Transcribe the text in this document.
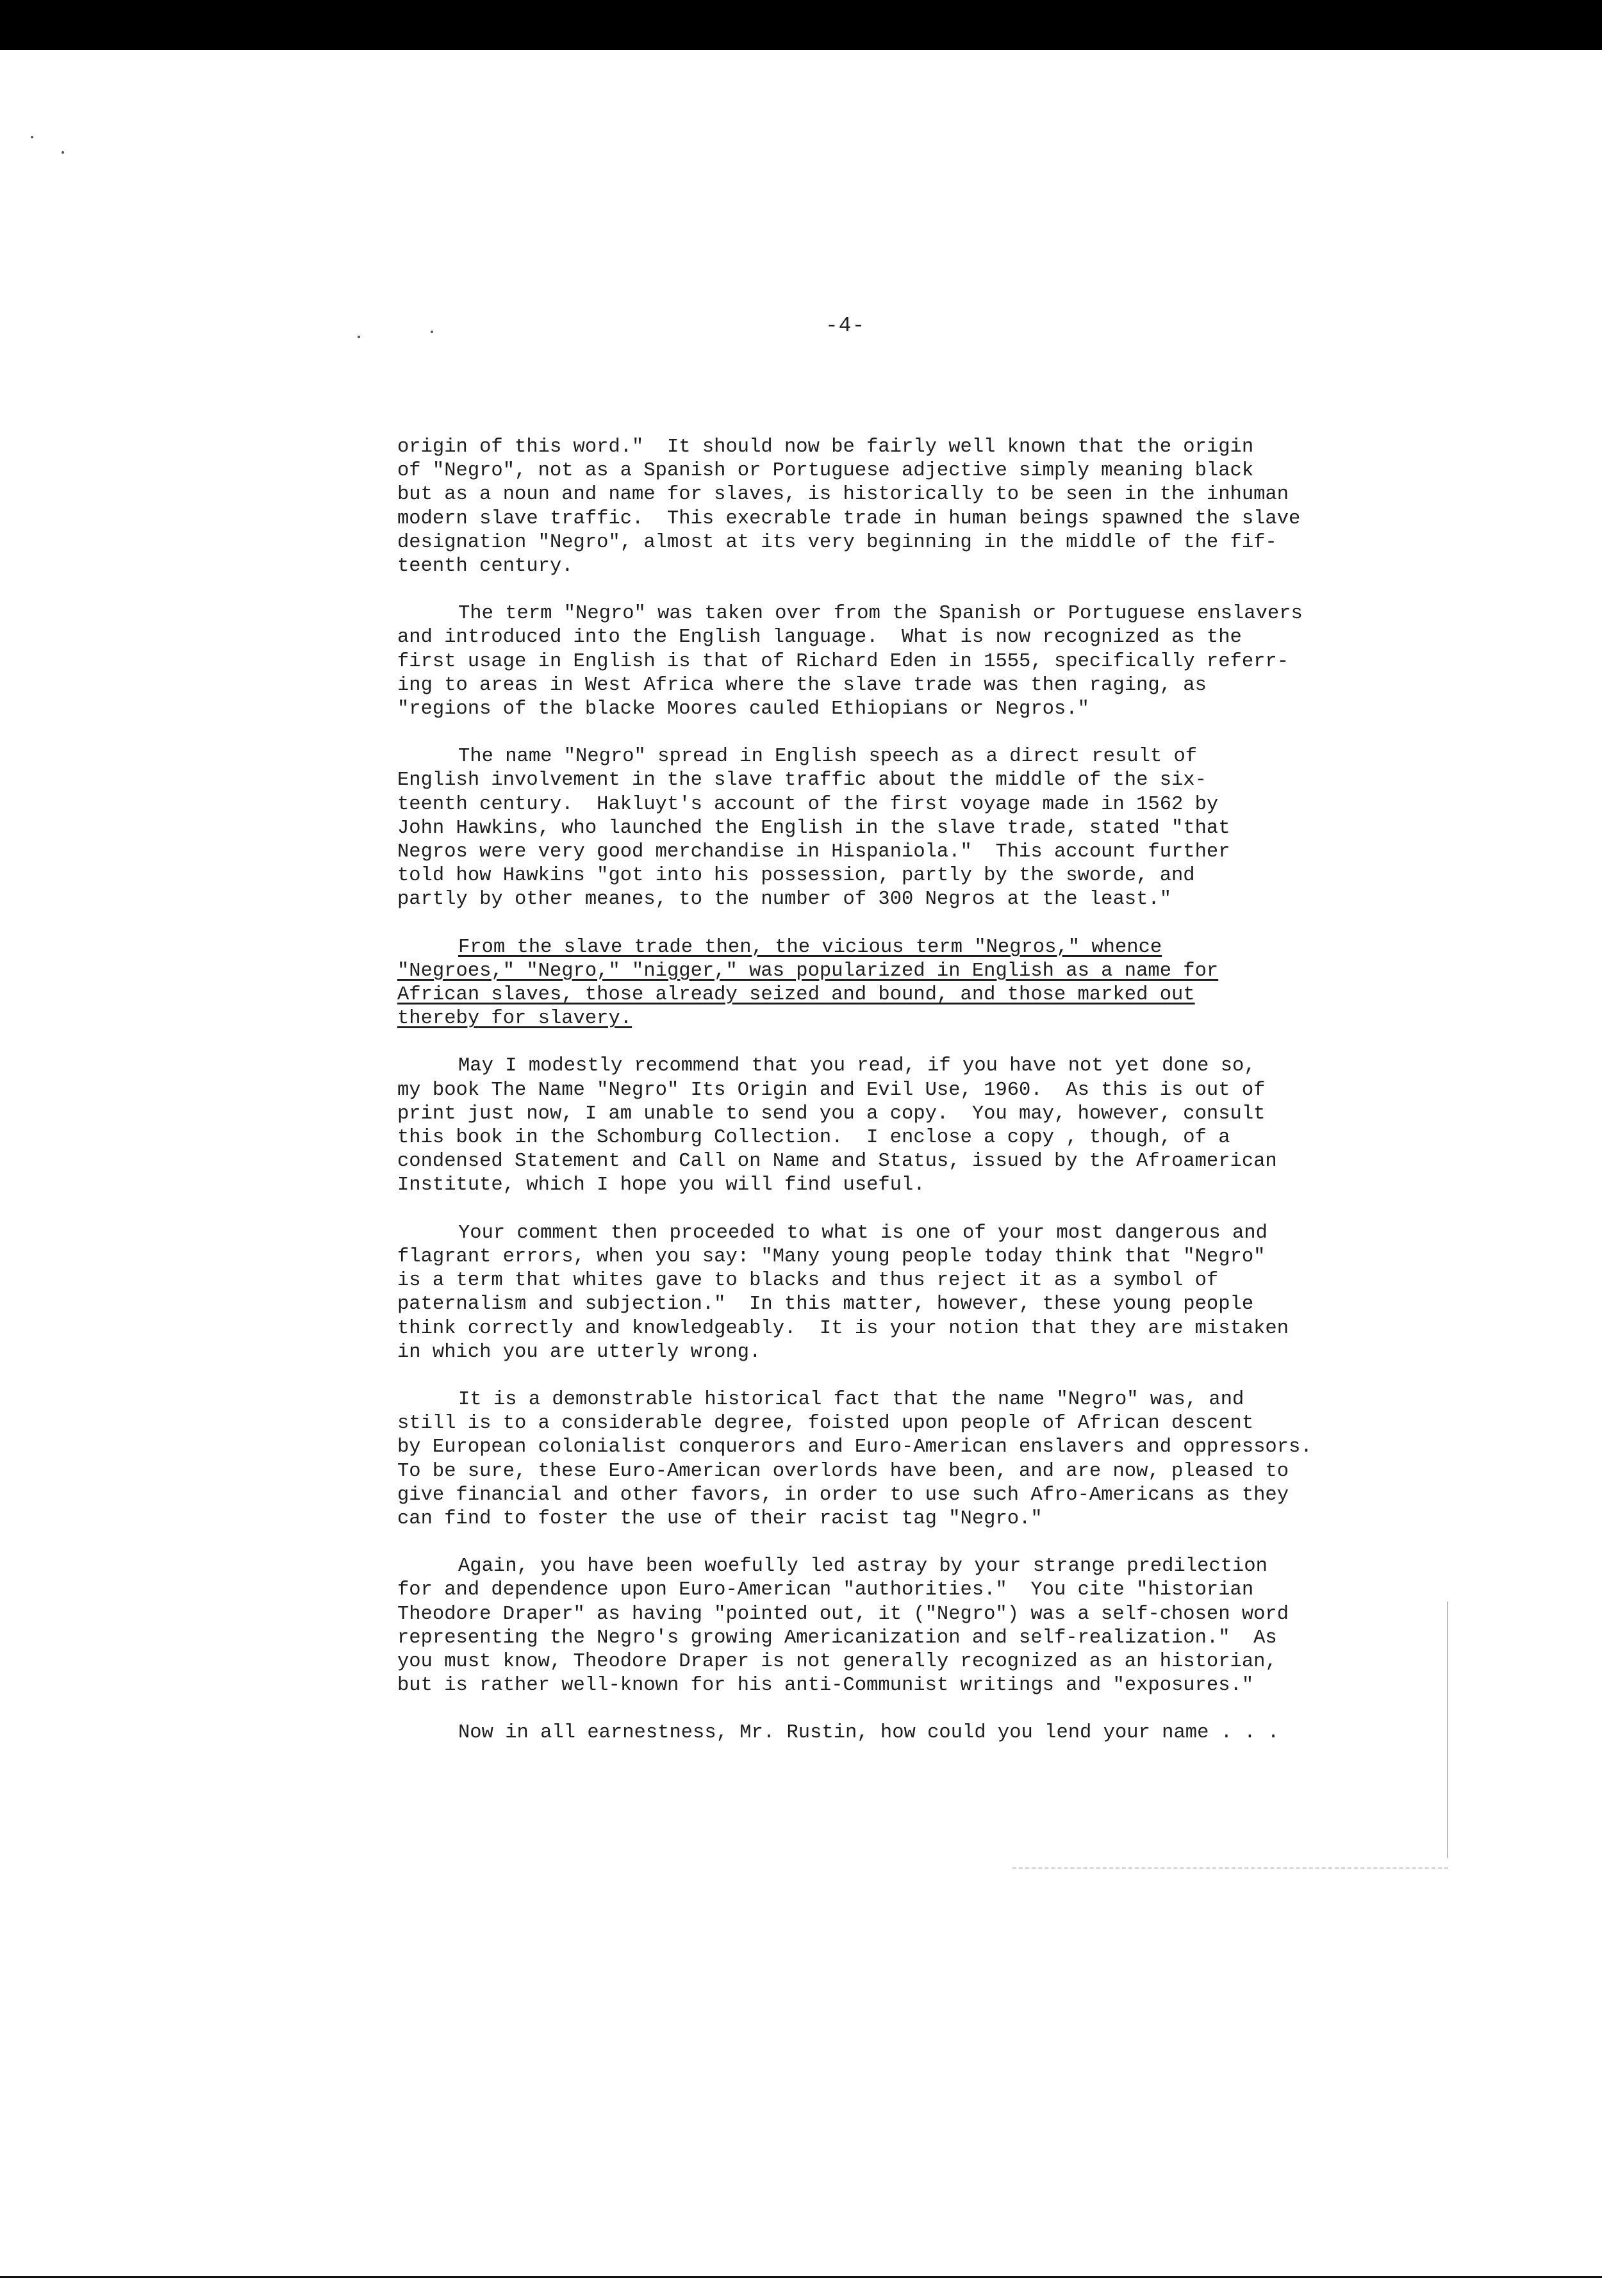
-4-

origin of this word."  It should now be fairly well known that the origin
of "Negro", not as a Spanish or Portuguese adjective simply meaning black
but as a noun and name for slaves, is historically to be seen in the inhuman
modern slave traffic.  This execrable trade in human beings spawned the slave
designation "Negro", almost at its very beginning in the middle of the fif-
teenth century.

The term "Negro" was taken over from the Spanish or Portuguese enslavers
and introduced into the English language.  What is now recognized as the
first usage in English is that of Richard Eden in 1555, specifically referr-
ing to areas in West Africa where the slave trade was then raging, as
"regions of the blacke Moores cauled Ethiopians or Negros."

The name "Negro" spread in English speech as a direct result of
English involvement in the slave traffic about the middle of the six-
teenth century.  Hakluyt's account of the first voyage made in 1562 by
John Hawkins, who launched the English in the slave trade, stated "that
Negros were very good merchandise in Hispaniola."  This account further
told how Hawkins "got into his possession, partly by the sworde, and
partly by other meanes, to the number of 300 Negros at the least."

From the slave trade then, the vicious term "Negros," whence
"Negroes," "Negro," "nigger," was popularized in English as a name for
African slaves, those already seized and bound, and those marked out
thereby for slavery.

May I modestly recommend that you read, if you have not yet done so,
my book The Name "Negro" Its Origin and Evil Use, 1960.  As this is out of
print just now, I am unable to send you a copy.  You may, however, consult
this book in the Schomburg Collection.  I enclose a copy , though, of a
condensed Statement and Call on Name and Status, issued by the Afroamerican
Institute, which I hope you will find useful.

Your comment then proceeded to what is one of your most dangerous and
flagrant errors, when you say: "Many young people today think that "Negro"
is a term that whites gave to blacks and thus reject it as a symbol of
paternalism and subjection."  In this matter, however, these young people
think correctly and knowledgeably.  It is your notion that they are mistaken
in which you are utterly wrong.

It is a demonstrable historical fact that the name "Negro" was, and
still is to a considerable degree, foisted upon people of African descent
by European colonialist conquerors and Euro-American enslavers and oppressors.
To be sure, these Euro-American overlords have been, and are now, pleased to
give financial and other favors, in order to use such Afro-Americans as they
can find to foster the use of their racist tag "Negro."

Again, you have been woefully led astray by your strange predilection
for and dependence upon Euro-American "authorities."  You cite "historian
Theodore Draper" as having "pointed out, it ("Negro") was a self-chosen word
representing the Negro's growing Americanization and self-realization."  As
you must know, Theodore Draper is not generally recognized as an historian,
but is rather well-known for his anti-Communist writings and "exposures."

Now in all earnestness, Mr. Rustin, how could you lend your name . . .
